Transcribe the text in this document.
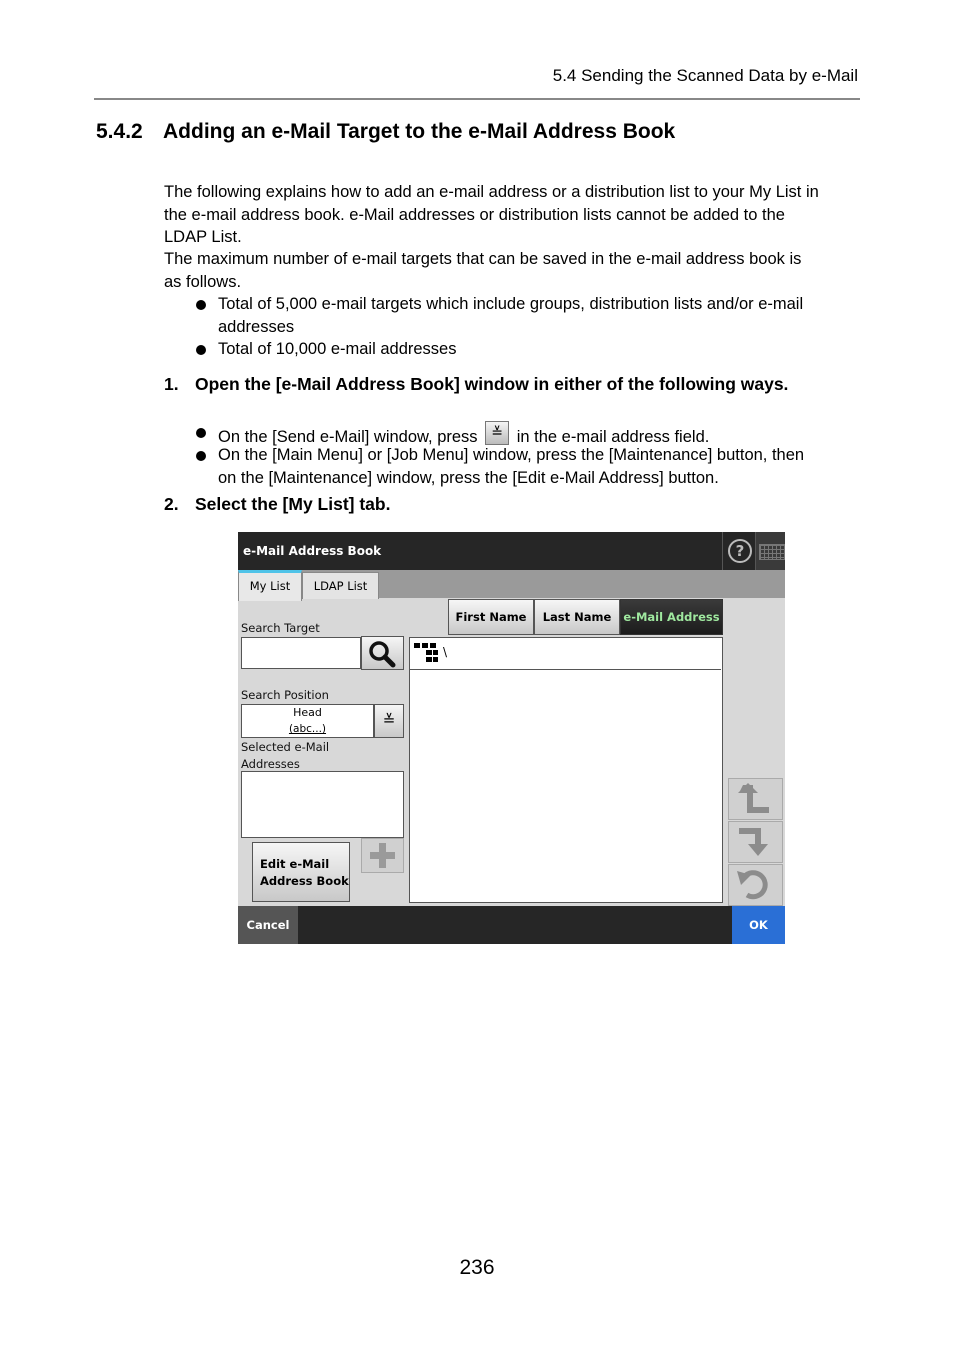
5.4 Sending the Scanned Data by e-Mail
5.4.2 Adding an e-Mail Target to the e-Mail Address Book
The following explains how to add an e-mail address or a distribution list to your My List in
the e-mail address book. e-Mail addresses or distribution lists cannot be added to the
LDAP List.
The maximum number of e-mail targets that can be saved in the e-mail address book is
as follows.
Total of 5,000 e-mail targets which include groups, distribution lists and/or e-mail
addresses
Total of 10,000 e-mail addresses
1. Open the [e-Mail Address Book] window in either of the following ways.
On the [Send e-Mail] window, press ≚ in the e-mail address field.
On the [Main Menu] or [Job Menu] window, press the [Maintenance] button, then
on the [Maintenance] window, press the [Edit e-Mail Address] button.
2. Select the [My List] tab.
e-Mail Address Book	?
My List	LDAP List
Search Target
Search Position
Head
(abc...)	≚
Selected e-Mail
Addresses
Edit e-Mail
Address Book
First Name	Last Name	e-Mail Address
\
Cancel	OK
236
